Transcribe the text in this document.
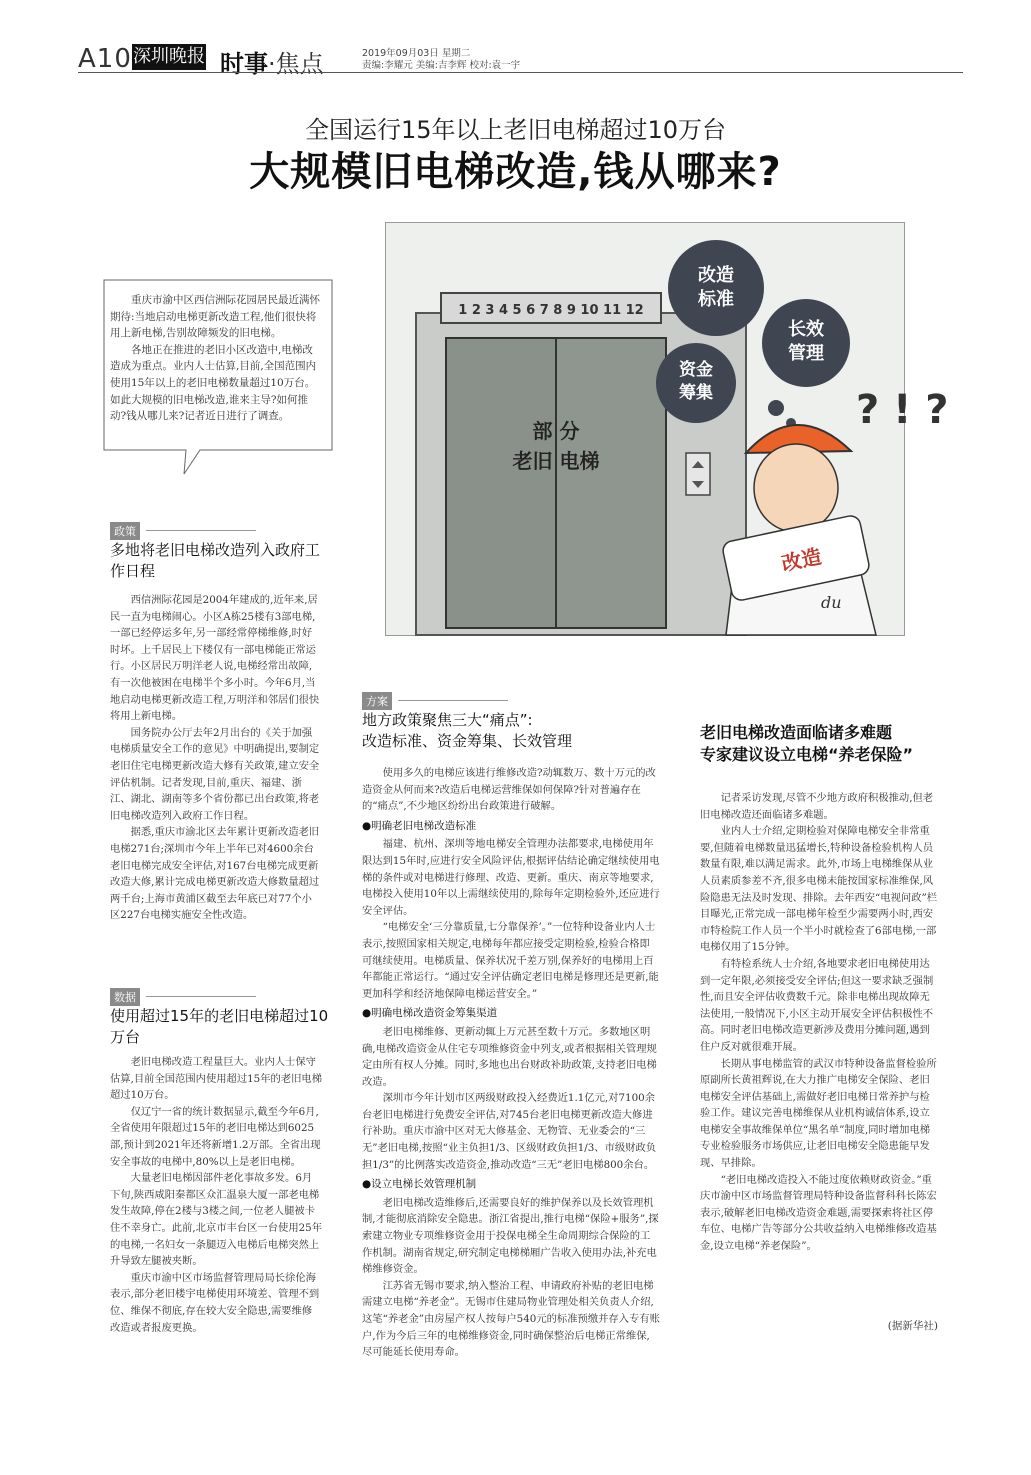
A10 深圳晚报 时事·焦点	2019年09月03日 星期二
责编:李耀元 美编:吉李辉 校对:袁一宇
全国运行15年以上老旧电梯超过10万台
大规模旧电梯改造,钱从哪来?

重庆市渝中区西信洲际花园居民最近满怀期待:当地启动电梯更新改造工程,他们很快将用上新电梯,告别故障频发的旧电梯。

各地正在推进的老旧小区改造中,电梯改造成为重点。业内人士估算,目前,全国范围内使用15年以上的老旧电梯数量超过10万台。如此大规模的旧电梯改造,谁来主导?如何推动?钱从哪儿来?记者近日进行了调查。

1 2 3 4 5 6 7 8 9 10 11 12
部 分
老旧 电梯
改造
标准
长效
管理
资金
筹集	? ! ?
改造
du
政策
多地将老旧电梯改造列入政府工作日程

西信洲际花园是2004年建成的,近年来,居民一直为电梯闹心。小区A栋25楼有3部电梯,一部已经停运多年,另一部经常停梯维修,时好时坏。上千居民上下楼仅有一部电梯能正常运行。小区居民万明洋老人说,电梯经常出故障,有一次他被困在电梯半个多小时。今年6月,当地启动电梯更新改造工程,万明洋和邻居们很快将用上新电梯。

国务院办公厅去年2月出台的《关于加强电梯质量安全工作的意见》中明确提出,要制定老旧住宅电梯更新改造大修有关政策,建立安全评估机制。记者发现,目前,重庆、福建、浙江、湖北、湖南等多个省份都已出台政策,将老旧电梯改造列入政府工作日程。

据悉,重庆市渝北区去年累计更新改造老旧电梯271台;深圳市今年上半年已对4600余台老旧电梯完成安全评估,对167台电梯完成更新改造大修,累计完成电梯更新改造大修数量超过两千台;上海市黄浦区截至去年底已对77个小区227台电梯实施安全性改造。

数据
使用超过15年的老旧电梯超过10万台

老旧电梯改造工程量巨大。业内人士保守估算,目前全国范围内使用超过15年的老旧电梯超过10万台。

仅辽宁一省的统计数据显示,截至今年6月,全省使用年限超过15年的老旧电梯达到6025部,预计到2021年还将新增1.2万部。全省出现安全事故的电梯中,80%以上是老旧电梯。

大量老旧电梯因部件老化事故多发。6月下旬,陕西咸阳秦都区众汇温泉大厦一部老电梯发生故障,停在2楼与3楼之间,一位老人腿被卡住不幸身亡。此前,北京市丰台区一台使用25年的电梯,一名妇女一条腿迈入电梯后电梯突然上升导致左腿被夹断。

重庆市渝中区市场监督管理局局长徐伦海表示,部分老旧楼宇电梯使用环境差、管理不到位、维保不彻底,存在较大安全隐患,需要维修改造或者报废更换。

方案
地方政策聚焦三大“痛点”:
改造标准、资金筹集、长效管理

使用多久的电梯应该进行维修改造?动辄数万、数十万元的改造资金从何而来?改造后电梯运营维保如何保障?针对普遍存在的“痛点”,不少地区纷纷出台政策进行破解。

●明确老旧电梯改造标准

福建、杭州、深圳等地电梯安全管理办法都要求,电梯使用年限达到15年时,应进行安全风险评估,根据评估结论确定继续使用电梯的条件或对电梯进行修理、改造、更新。重庆、南京等地要求,电梯投入使用10年以上需继续使用的,除每年定期检验外,还应进行安全评估。

“电梯安全‘三分靠质量,七分靠保养’。”一位特种设备业内人士表示,按照国家相关规定,电梯每年都应接受定期检验,检验合格即可继续使用。电梯质量、保养状况千差万别,保养好的电梯用上百年都能正常运行。“通过安全评估确定老旧电梯是修理还是更新,能更加科学和经济地保障电梯运营安全。”

●明确电梯改造资金筹集渠道

老旧电梯维修、更新动辄上万元甚至数十万元。多数地区明确,电梯改造资金从住宅专项维修资金中列支,或者根据相关管理规定由所有权人分摊。同时,多地也出台财政补助政策,支持老旧电梯改造。

深圳市今年计划市区两级财政投入经费近1.1亿元,对7100余台老旧电梯进行免费安全评估,对745台老旧电梯更新改造大修进行补助。重庆市渝中区对无大修基金、无物管、无业委会的“三无”老旧电梯,按照“业主负担1/3、区级财政负担1/3、市级财政负担1/3”的比例落实改造资金,推动改造“三无”老旧电梯800余台。

●设立电梯长效管理机制

老旧电梯改造维修后,还需要良好的维护保养以及长效管理机制,才能彻底消除安全隐患。浙江省提出,推行电梯“保险+服务”,探索建立物业专项维修资金用于投保电梯全生命周期综合保险的工作机制。湖南省规定,研究制定电梯梯厢广告收入使用办法,补充电梯维修资金。

江苏省无锡市要求,纳入整治工程、申请政府补贴的老旧电梯需建立电梯“养老金”。无锡市住建局物业管理处相关负责人介绍,这笔“养老金”由房屋产权人按每户540元的标准预缴并存入专有账户,作为今后三年的电梯维修资金,同时确保整治后电梯正常维保,尽可能延长使用寿命。

老旧电梯改造面临诸多难题
专家建议设立电梯“养老保险”

记者采访发现,尽管不少地方政府积极推动,但老旧电梯改造还面临诸多难题。

业内人士介绍,定期检验对保障电梯安全非常重要,但随着电梯数量迅猛增长,特种设备检验机构人员数量有限,难以满足需求。此外,市场上电梯维保从业人员素质参差不齐,很多电梯未能按国家标准维保,风险隐患无法及时发现、排除。去年西安“电视问政”栏目曝光,正常完成一部电梯年检至少需要两小时,西安市特检院工作人员一个半小时就检查了6部电梯,一部电梯仅用了15分钟。

有特检系统人士介绍,各地要求老旧电梯使用达到一定年限,必须接受安全评估;但这一要求缺乏强制性,而且安全评估收费数千元。除非电梯出现故障无法使用,一般情况下,小区主动开展安全评估积极性不高。同时老旧电梯改造更新涉及费用分摊问题,遇到住户反对就很难开展。

长期从事电梯监管的武汉市特种设备监督检验所原副所长黄祖辉说,在大力推广电梯安全保险、老旧电梯安全评估基础上,需做好老旧电梯日常养护与检验工作。建议完善电梯维保从业机构诚信体系,设立电梯安全事故维保单位“黑名单”制度,同时增加电梯专业检验服务市场供应,让老旧电梯安全隐患能早发现、早排除。

“老旧电梯改造投入不能过度依赖财政资金。”重庆市渝中区市场监督管理局特种设备监督科科长陈宏表示,破解老旧电梯改造资金难题,需要探索将社区停车位、电梯广告等部分公共收益纳入电梯维修改造基金,设立电梯“养老保险”。

(据新华社)
